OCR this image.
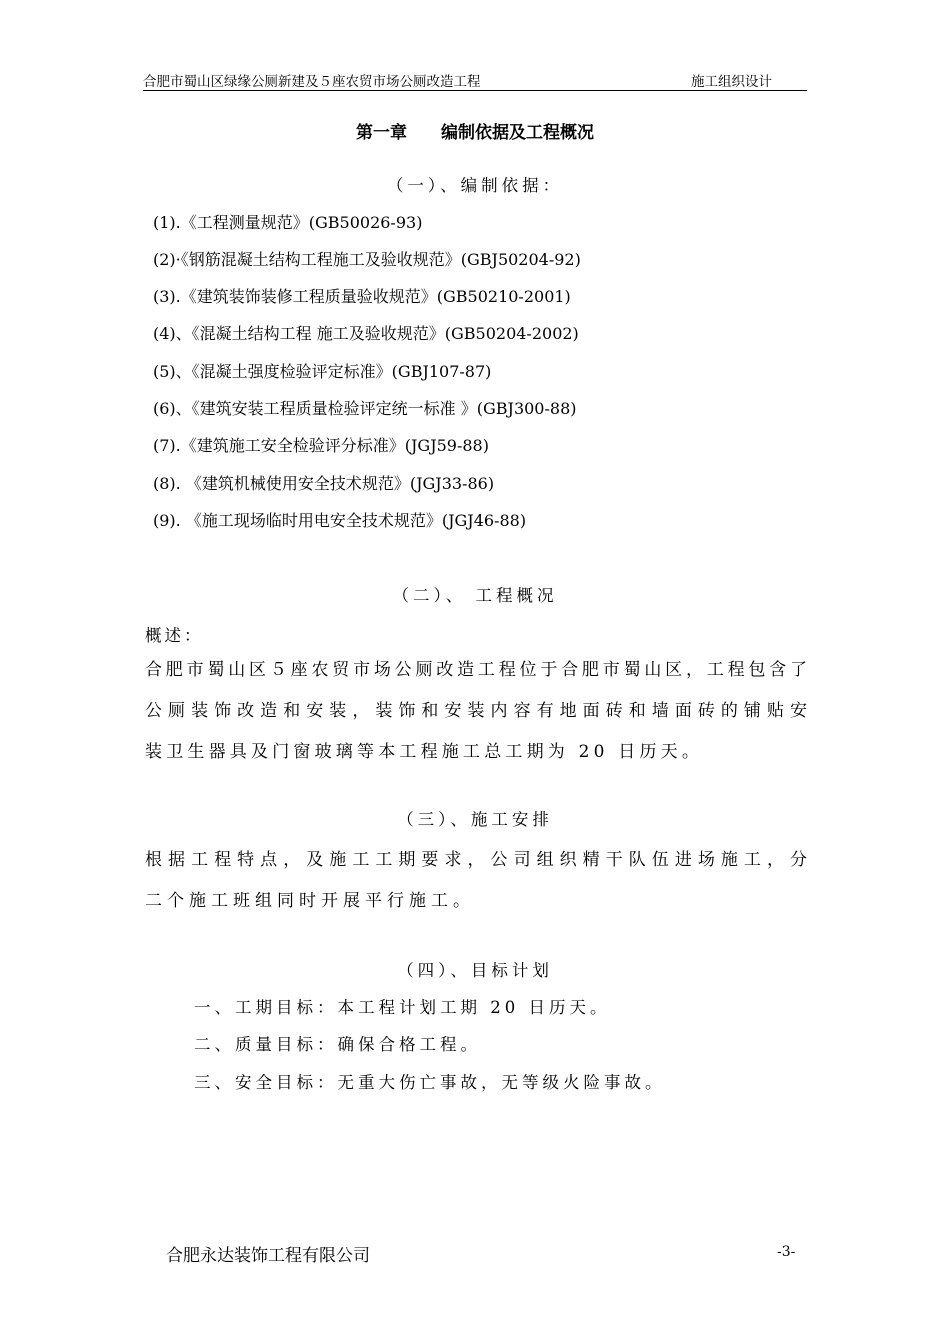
合肥市蜀山区绿缘公厕新建及５座农贸市场公厕改造工程	施工组织设计
第一章 编制依据及工程概况
（一）、编制依据：
(1).《工程测量规范》(GB50026-93)
(2)·《钢筋混凝土结构工程施工及验收规范》(GBJ50204-92)
(3).《建筑装饰装修工程质量验收规范》(GB50210-2001)
(4)、《混凝土结构工程 施工及验收规范》(GB50204-2002)
(5)、《混凝土强度检验评定标准》(GBJ107-87)
(6)、《建筑安装工程质量检验评定统一标准 》(GBJ300-88)
(7).《建筑施工安全检验评分标准》(JGJ59-88)
(8). 《建筑机械使用安全技术规范》(JGJ33-86)
(9). 《施工现场临时用电安全技术规范》(JGJ46-88)
（二）、 工程概况
概述：
合肥市蜀山区５座农贸市场公厕改造工程位于合肥市蜀山区，工程包含了
公厕装饰改造和安装，装饰和安装内容有地面砖和墙面砖的铺贴安
装卫生器具及门窗玻璃等本工程施工总工期为 20 日历天。
（三）、施工安排
根据工程特点，及施工工期要求，公司组织精干队伍进场施工，分
二个施工班组同时开展平行施工。
（四）、目标计划
一、工期目标：本工程计划工期 20 日历天。
二、质量目标：确保合格工程。
三、安全目标：无重大伤亡事故，无等级火险事故。
合肥永达装饰工程有限公司	-3-
